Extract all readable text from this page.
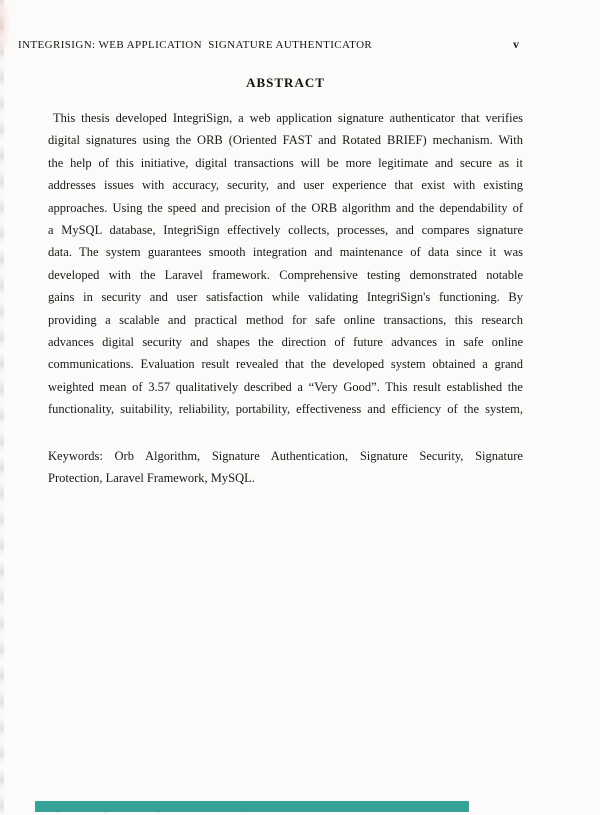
INTEGRISIGN: WEB APPLICATION  SIGNATURE AUTHENTICATOR	v
ABSTRACT
This thesis developed IntegriSign, a web application signature authenticator that verifies
digital signatures using the ORB (Oriented FAST and Rotated BRIEF) mechanism. With
the help of this initiative, digital transactions will be more legitimate and secure as it
addresses issues with accuracy, security, and user experience that exist with existing
approaches. Using the speed and precision of the ORB algorithm and the dependability of
a MySQL database, IntegriSign effectively collects, processes, and compares signature
data. The system guarantees smooth integration and maintenance of data since it was
developed with the Laravel framework. Comprehensive testing demonstrated notable
gains in security and user satisfaction while validating IntegriSign's functioning. By
providing a scalable and practical method for safe online transactions, this research
advances digital security and shapes the direction of future advances in safe online
communications. Evaluation result revealed that the developed system obtained a grand
weighted mean of 3.57 qualitatively described a “Very Good”. This result established the
functionality, suitability, reliability, portability, effectiveness and efficiency of the system,
Keywords: Orb Algorithm, Signature Authentication, Signature Security, Signature
Protection, Laravel Framework, MySQL.
